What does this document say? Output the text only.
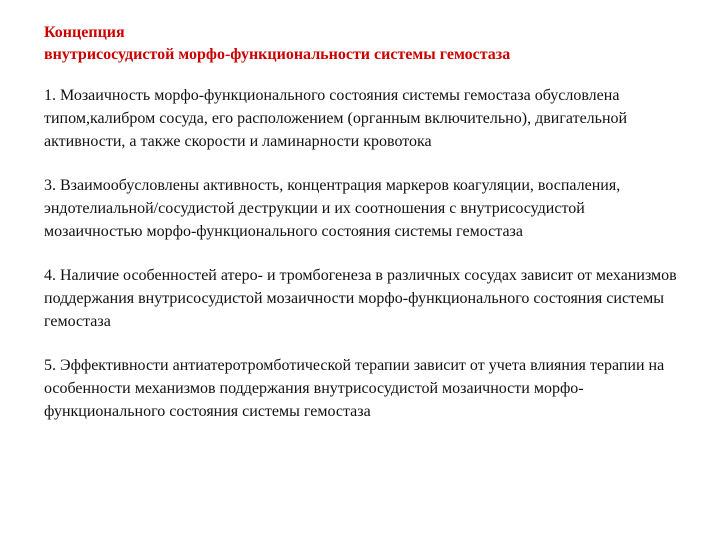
Концепция
внутрисосудистой морфо-функциональности системы гемостаза

1. Мозаичность морфо-функционального состояния системы гемостаза обусловлена типом,калибром сосуда, его расположением (органным включительно), двигательной активности, а также скорости и ламинарности кровотока

3. Взаимообусловлены активность, концентрация маркеров коагуляции, воспаления, эндотелиальной/сосудистой деструкции и их соотношения с внутрисосудистой мозаичностью морфо-функционального состояния системы гемостаза

4. Наличие особенностей атеро- и тромбогенеза в различных сосудах зависит от механизмов поддержания внутрисосудистой мозаичности морфо-функционального состояния системы гемостаза

5. Эффективности антиатеротромботической терапии зависит от учета влияния терапии на особенности механизмов поддержания внутрисосудистой мозаичности морфо-функционального состояния системы гемостаза
